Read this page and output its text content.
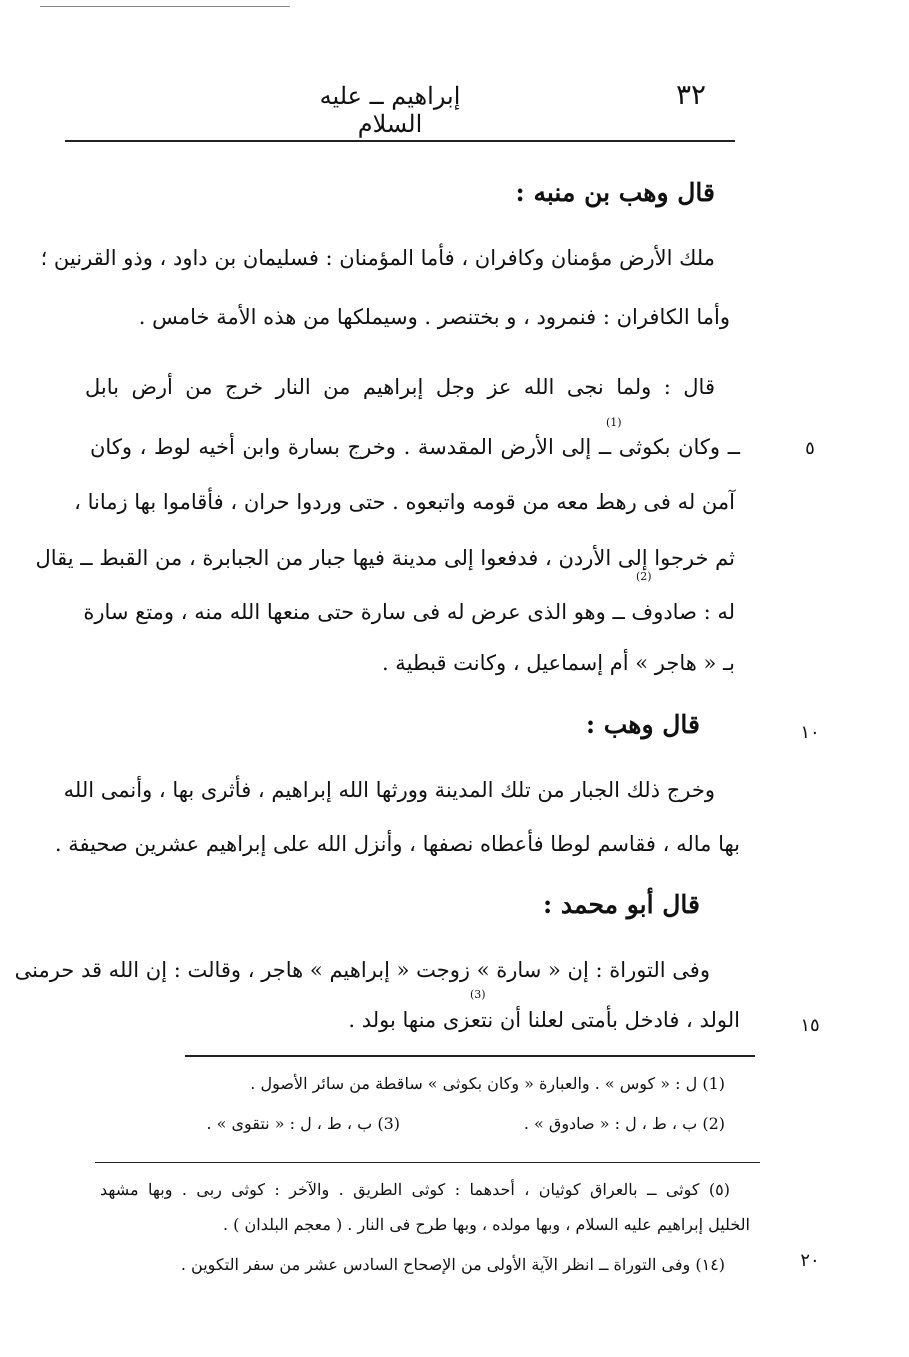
٣٢
إبراهيم ــ عليه السلام
قال وهب بن منبه :
ملك الأرض مؤمنان وكافران ، فأما المؤمنان : فسليمان بن داود ، وذو القرنين ؛
وأما الكافران : فنمرود ، و بختنصر . وسيملكها من هذه الأمة خامس .
قال : ولما نجى الله عز وجل إبراهيم من النار خرج من أرض بابل
(1)
ــ وكان بكوثى ــ إلى الأرض المقدسة . وخرج بسارة وابن أخيه لوط ، وكان
آمن له فى رهط معه من قومه واتبعوه . حتى وردوا حران ، فأقاموا بها زمانا ،
ثم خرجوا إلى الأردن ، فدفعوا إلى مدينة فيها جبار من الجبابرة ، من القبط ــ يقال
(2)
له : صادوف ــ وهو الذى عرض له فى سارة حتى منعها الله منه ، ومتع سارة
بـ « هاجر » أم إسماعيل ، وكانت قبطية .
قال وهب :
وخرج ذلك الجبار من تلك المدينة وورثها الله إبراهيم ، فأثرى بها ، وأنمى الله
بها ماله ، فقاسم لوطا فأعطاه نصفها ، وأنزل الله على إبراهيم عشرين صحيفة .
قال أبو محمد :
وفى التوراة : إن « سارة » زوجت « إبراهيم » هاجر ، وقالت : إن الله قد حرمنى
(3)
الولد ، فادخل بأمتى لعلنا أن نتعزى منها بولد .
٥
١٠
١٥
٢٠
(1) ل : « كوس » . والعبارة « وكان بكوثى » ساقطة من سائر الأصول .
(2) ب ، ط ، ل : « صادوق » .
(3) ب ، ط ، ل : « نتقوى » .
(٥) كوثى ــ بالعراق كوثيان ، أحدهما : كوثى الطريق . والآخر : كوثى ربى . وبها مشهد
الخليل إبراهيم عليه السلام ، وبها مولده ، وبها طرح فى النار . ( معجم البلدان ) .
(١٤) وفى التوراة ــ انظر الآية الأولى من الإصحاح السادس عشر من سفر التكوين .
